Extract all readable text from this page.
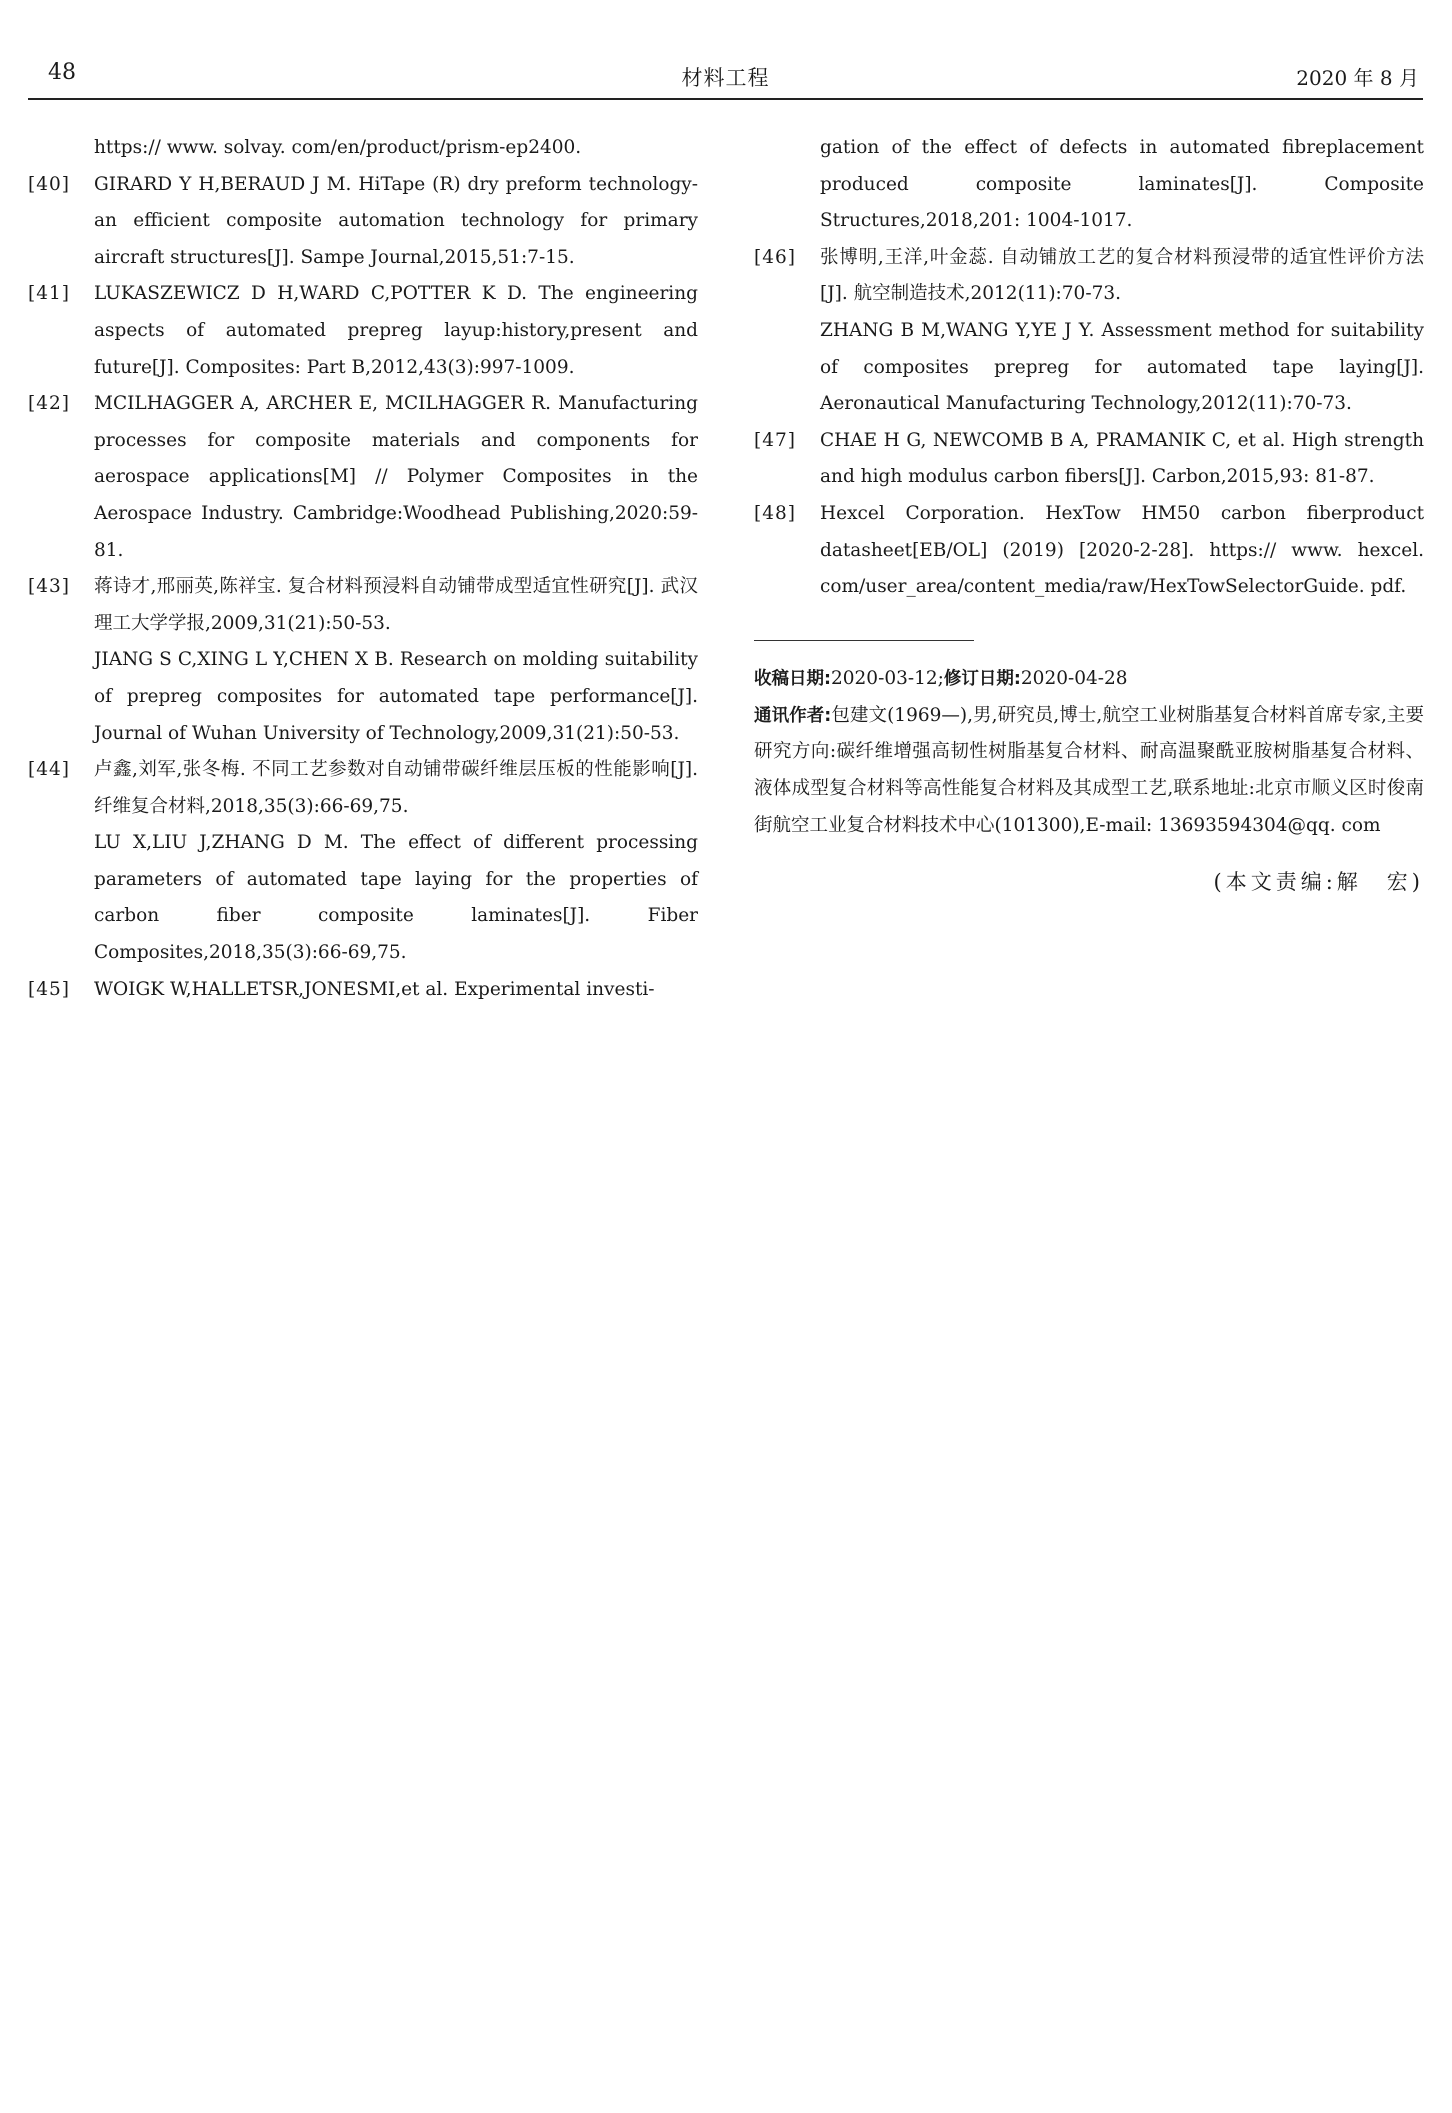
48	材料工程	2020 年 8 月
https:// www. solvay. com/en/product/prism-ep2400.
[40] GIRARD Y H,BERAUD J M. HiTape (R) dry preform technology-an efficient composite automation technology for primary aircraft structures[J]. Sampe Journal,2015,51:7-15.
[41] LUKASZEWICZ D H,WARD C,POTTER K D. The engineering aspects of automated prepreg layup:history,present and future[J]. Composites: Part B,2012,43(3):997-1009.
[42] MCILHAGGER A, ARCHER E, MCILHAGGER R. Manufacturing processes for composite materials and components for aerospace applications[M] // Polymer Composites in the Aerospace Industry. Cambridge:Woodhead Publishing,2020:59-81.
[43] 蒋诗才,邢丽英,陈祥宝. 复合材料预浸料自动铺带成型适宜性研究[J]. 武汉理工大学学报,2009,31(21):50-53.
JIANG S C,XING L Y,CHEN X B. Research on molding suitability of prepreg composites for automated tape performance[J]. Journal of Wuhan University of Technology,2009,31(21):50-53.
[44] 卢鑫,刘军,张冬梅. 不同工艺参数对自动铺带碳纤维层压板的性能影响[J]. 纤维复合材料,2018,35(3):66-69,75.
LU X,LIU J,ZHANG D M. The effect of different processing parameters of automated tape laying for the properties of carbon fiber composite laminates[J]. Fiber Composites,2018,35(3):66-69,75.
[45] WOIGK W,HALLETSR,JONESMI,et al. Experimental investi-
gation of the effect of defects in automated fibreplacement produced composite laminates[J]. Composite Structures,2018,201: 1004-1017.
[46] 张博明,王洋,叶金蕊. 自动铺放工艺的复合材料预浸带的适宜性评价方法[J]. 航空制造技术,2012(11):70-73.
ZHANG B M,WANG Y,YE J Y. Assessment method for suitability of composites prepreg for automated tape laying[J]. Aeronautical Manufacturing Technology,2012(11):70-73.
[47] CHAE H G, NEWCOMB B A, PRAMANIK C, et al. High strength and high modulus carbon fibers[J]. Carbon,2015,93: 81-87.
[48] Hexcel Corporation. HexTow HM50 carbon fiberproduct datasheet[EB/OL] (2019) [2020-2-28]. https:// www. hexcel. com/user_area/content_media/raw/HexTowSelectorGuide. pdf.
收稿日期:2020-03-12;修订日期:2020-04-28
通讯作者:包建文(1969—),男,研究员,博士,航空工业树脂基复合材料首席专家,主要研究方向:碳纤维增强高韧性树脂基复合材料、耐高温聚酰亚胺树脂基复合材料、液体成型复合材料等高性能复合材料及其成型工艺,联系地址:北京市顺义区时俊南街航空工业复合材料技术中心(101300),E-mail: 13693594304@qq. com
(本文责编:解　宏)
